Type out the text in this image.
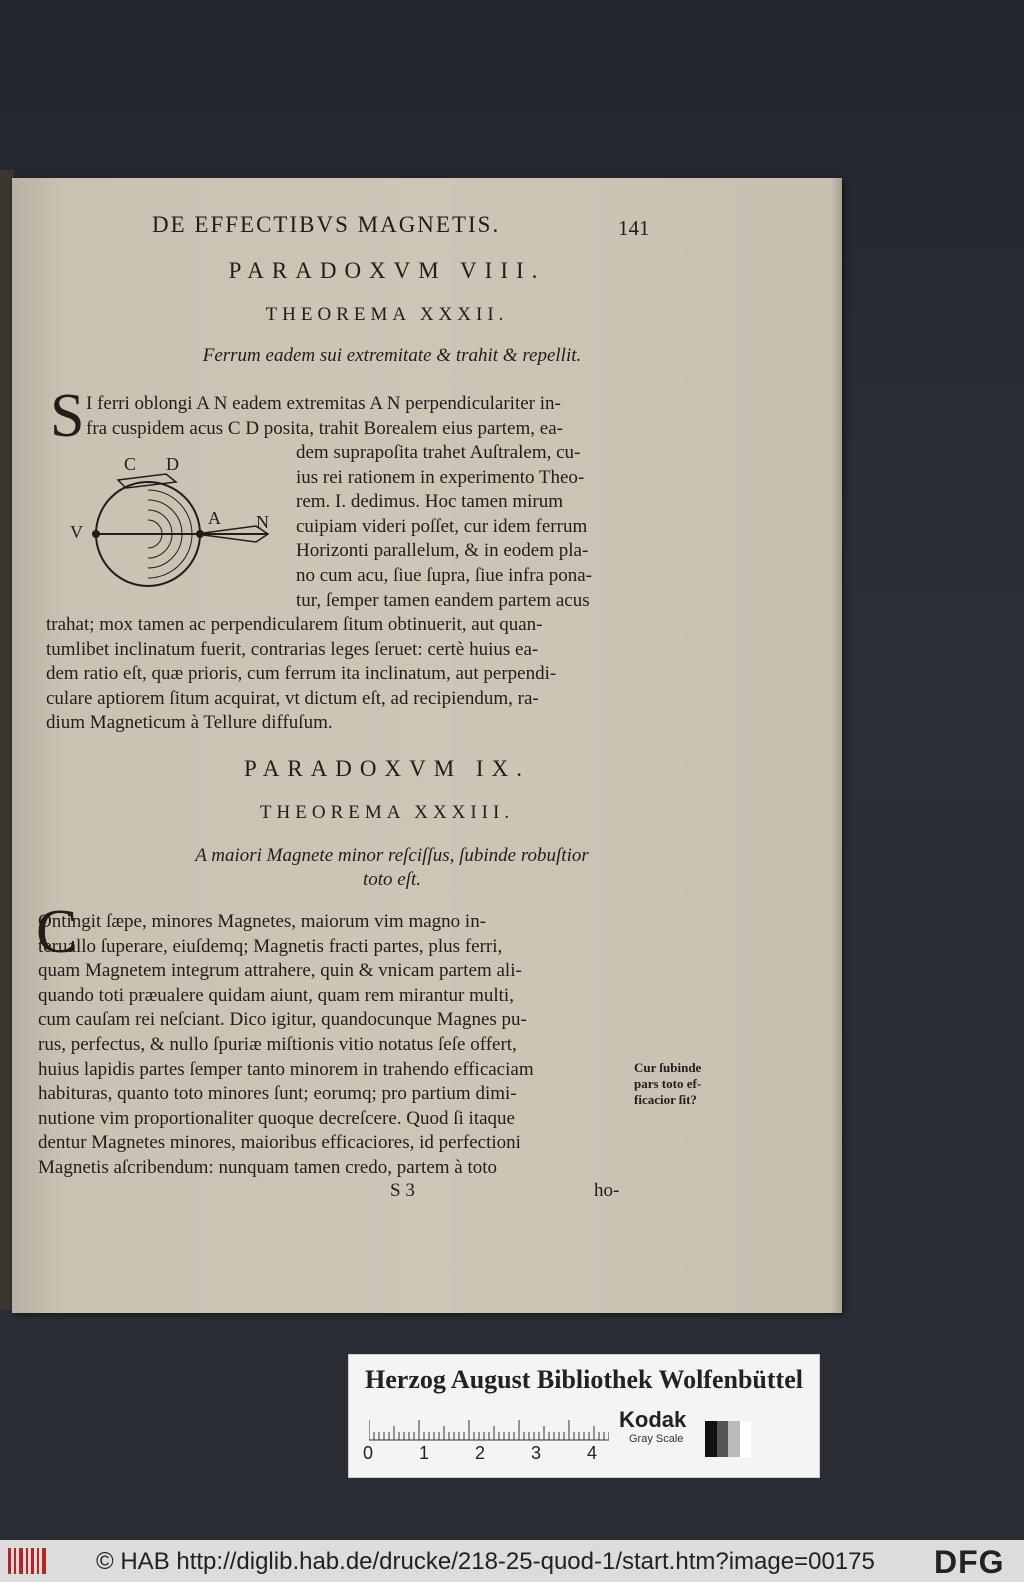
DE EFFECTIBVS MAGNETIS.	141
PARADOXVM VIII.
THEOREMA XXXII.
Ferrum eadem sui extremitate & trahit & repellit.
S I ferri oblongi A N eadem extremitas A N perpendiculariter in-
fra cuspidem acus C D posita, trahit Borealem eius partem, ea-
C D
V
A N
dem suprapoſita trahet Auſtralem, cu-
ius rei rationem in experimento Theo-
rem. I. dedimus. Hoc tamen mirum
cuipiam videri poſſet, cur idem ferrum
Horizonti parallelum, & in eodem pla-
no cum acu, ſiue ſupra, ſiue infra pona-
tur, ſemper tamen eandem partem acus
trahat; mox tamen ac perpendicularem ſitum obtinuerit, aut quan-
tumlibet inclinatum fuerit, contrarias leges ſeruet: certè huius ea-
dem ratio eſt, quæ prioris, cum ferrum ita inclinatum, aut perpendi-
culare aptiorem ſitum acquirat, vt dictum eſt, ad recipiendum, ra-
dium Magneticum à Tellure diffuſum.
PARADOXVM IX.
THEOREMA XXXIII.
A maiori Magnete minor reſciſſus, ſubinde robuſtior
toto eſt.
C
Ontingit ſæpe, minores Magnetes, maiorum vim magno in-
teruallo ſuperare, eiuſdemq; Magnetis fracti partes, plus ferri,
quam Magnetem integrum attrahere, quin & vnicam partem ali-
quando toti præualere quidam aiunt, quam rem mirantur multi,
cum cauſam rei neſciant. Dico igitur, quandocunque Magnes pu-
rus, perfectus, & nullo ſpuriæ miſtionis vitio notatus ſeſe offert,
huius lapidis partes ſemper tanto minorem in trahendo efficaciam
habituras, quanto toto minores ſunt; eorumq; pro partium dimi-
nutione vim proportionaliter quoque decreſcere. Quod ſi itaque
dentur Magnetes minores, maioribus efficaciores, id perfectioni
Magnetis aſcribendum: nunquam tamen credo, partem à toto
Cur ſubinde
pars toto ef-
ficacior ſit?
S 3	ho-
Herzog August Bibliothek Wolfenbüttel
0	1	2	3	4
Kodak
Gray Scale
© HAB http://diglib.hab.de/drucke/218-25-quod-1/start.htm?image=00175 DFG
